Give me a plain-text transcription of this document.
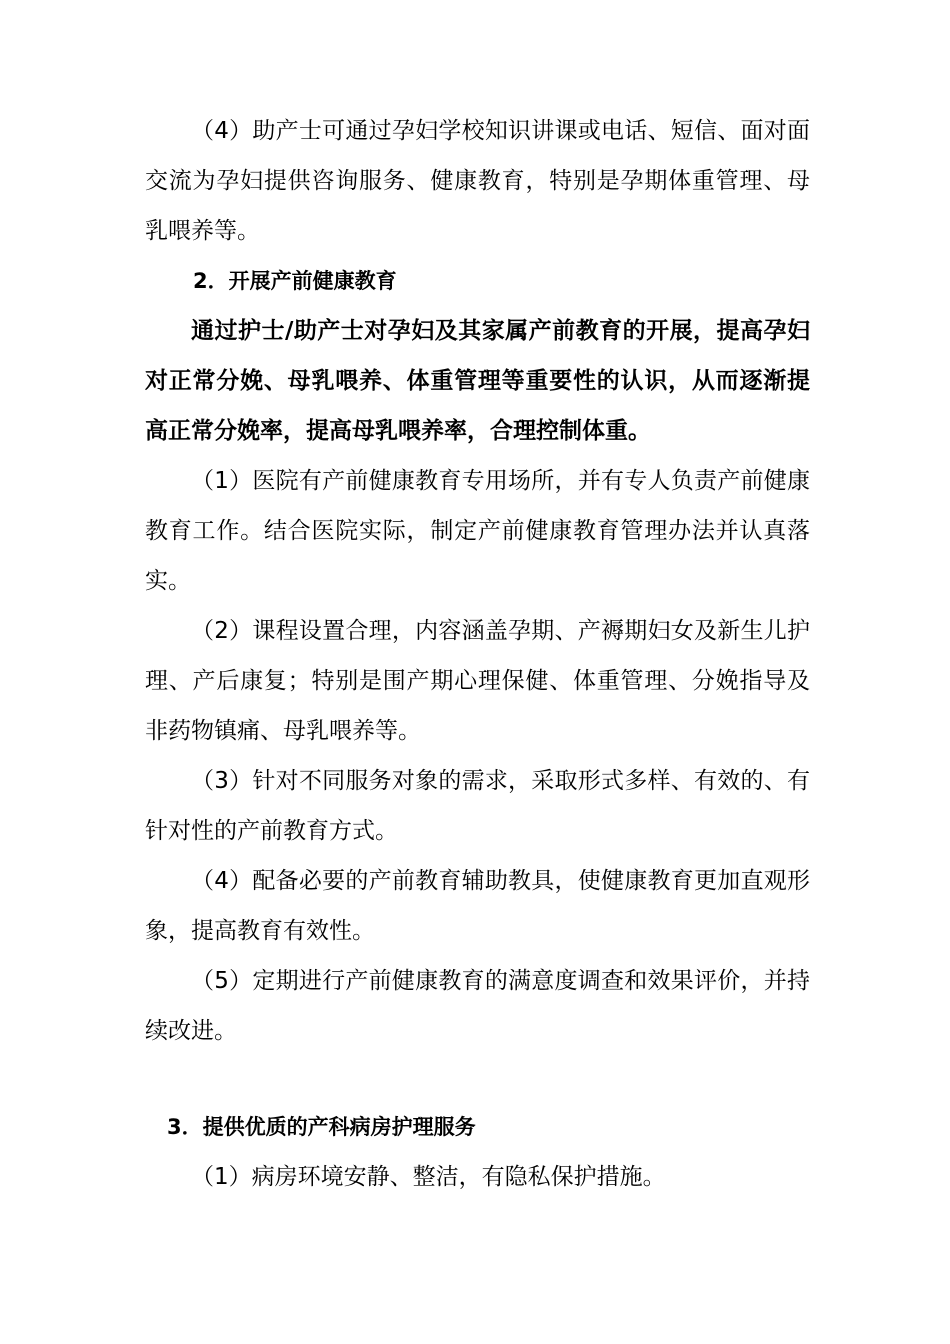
（4）助产士可通过孕妇学校知识讲课或电话、短信、面对面交流为孕妇提供咨询服务、健康教育，特别是孕期体重管理、母乳喂养等。

2．开展产前健康教育

通过护士/助产士对孕妇及其家属产前教育的开展，提高孕妇对正常分娩、母乳喂养、体重管理等重要性的认识，从而逐渐提高正常分娩率，提高母乳喂养率，合理控制体重。

（1）医院有产前健康教育专用场所，并有专人负责产前健康教育工作。结合医院实际，制定产前健康教育管理办法并认真落实。

（2）课程设置合理，内容涵盖孕期、产褥期妇女及新生儿护理、产后康复；特别是围产期心理保健、体重管理、分娩指导及非药物镇痛、母乳喂养等。

（3）针对不同服务对象的需求，采取形式多样、有效的、有针对性的产前教育方式。

（4）配备必要的产前教育辅助教具，使健康教育更加直观形象，提高教育有效性。

（5）定期进行产前健康教育的满意度调查和效果评价，并持续改进。

3．提供优质的产科病房护理服务

（1）病房环境安静、整洁，有隐私保护措施。
